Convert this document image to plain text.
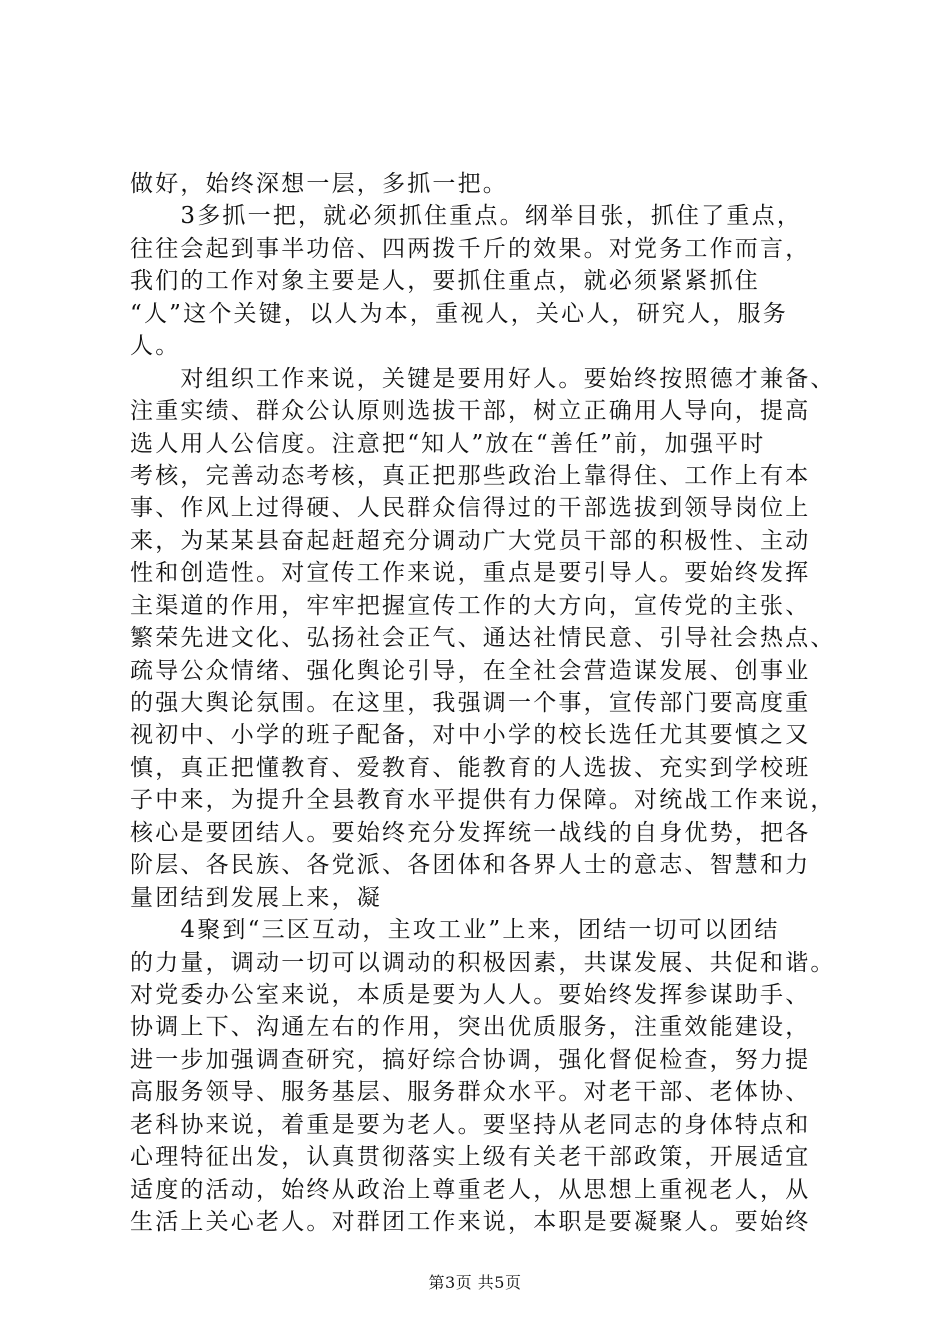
做好，始终深想一层，多抓一把。
　　3多抓一把，就必须抓住重点。纲举目张，抓住了重点，
往往会起到事半功倍、四两拨千斤的效果。对党务工作而言，
我们的工作对象主要是人，要抓住重点，就必须紧紧抓住
“人”这个关键，以人为本，重视人，关心人，研究人，服务
人。
　　对组织工作来说，关键是要用好人。要始终按照德才兼备、
注重实绩、群众公认原则选拔干部，树立正确用人导向，提高
选人用人公信度。注意把“知人”放在“善任”前，加强平时
考核，完善动态考核，真正把那些政治上靠得住、工作上有本
事、作风上过得硬、人民群众信得过的干部选拔到领导岗位上
来，为某某县奋起赶超充分调动广大党员干部的积极性、主动
性和创造性。对宣传工作来说，重点是要引导人。要始终发挥
主渠道的作用，牢牢把握宣传工作的大方向，宣传党的主张、
繁荣先进文化、弘扬社会正气、通达社情民意、引导社会热点、
疏导公众情绪、强化舆论引导，在全社会营造谋发展、创事业
的强大舆论氛围。在这里，我强调一个事，宣传部门要高度重
视初中、小学的班子配备，对中小学的校长选任尤其要慎之又
慎，真正把懂教育、爱教育、能教育的人选拔、充实到学校班
子中来，为提升全县教育水平提供有力保障。对统战工作来说，
核心是要团结人。要始终充分发挥统一战线的自身优势，把各
阶层、各民族、各党派、各团体和各界人士的意志、智慧和力
量团结到发展上来，凝
　　4聚到“三区互动，主攻工业”上来，团结一切可以团结
的力量，调动一切可以调动的积极因素，共谋发展、共促和谐。
对党委办公室来说，本质是要为人人。要始终发挥参谋助手、
协调上下、沟通左右的作用，突出优质服务，注重效能建设，
进一步加强调查研究，搞好综合协调，强化督促检查，努力提
高服务领导、服务基层、服务群众水平。对老干部、老体协、
老科协来说，着重是要为老人。要坚持从老同志的身体特点和
心理特征出发，认真贯彻落实上级有关老干部政策，开展适宜
适度的活动，始终从政治上尊重老人，从思想上重视老人，从
生活上关心老人。对群团工作来说，本职是要凝聚人。要始终
第3页 共5页
